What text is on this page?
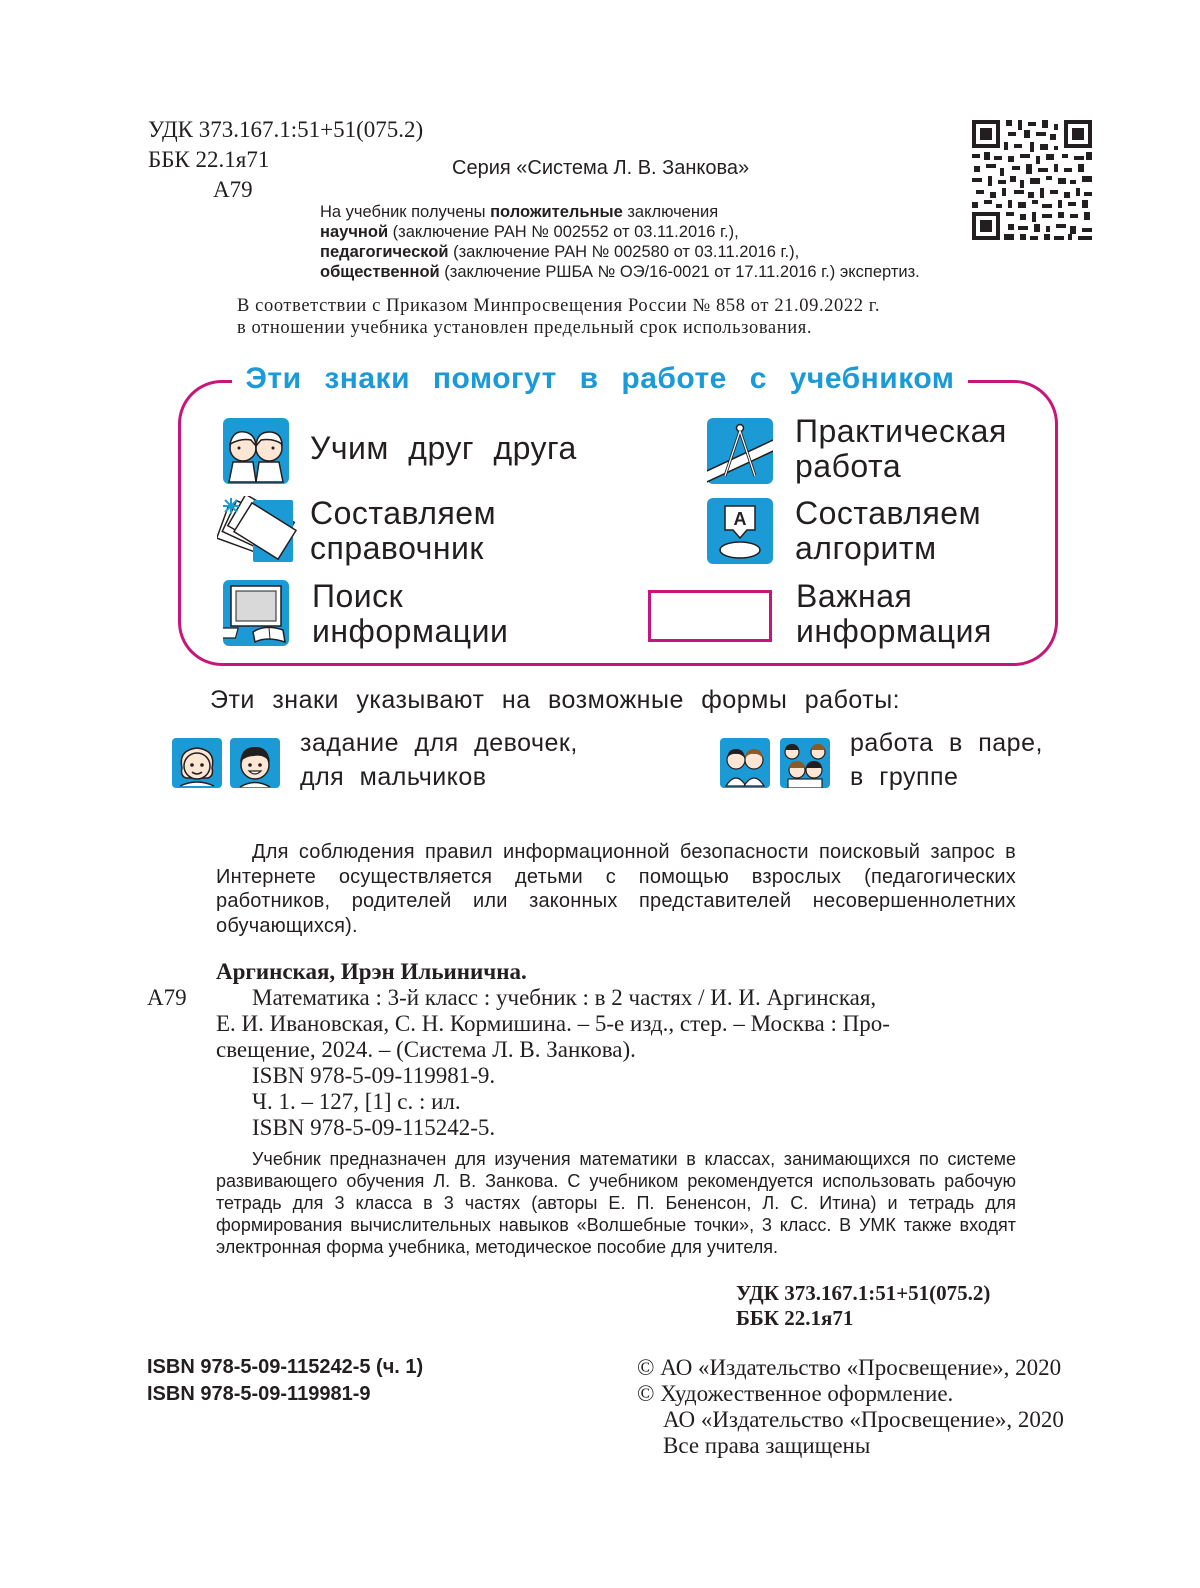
УДК 373.167.1:51+51(075.2)
ББК 22.1я71
А79
Серия «Система Л. В. Занкова»
На учебник получены положительные заключения
научной (заключение РАН № 002552 от 03.11.2016 г.),
педагогической (заключение РАН № 002580 от 03.11.2016 г.),
общественной (заключение РШБА № ОЭ/16-0021 от 17.11.2016 г.) экспертиз.
В соответствии с Приказом Минпросвещения России № 858 от 21.09.2022 г.
в отношении учебника установлен предельный срок использования.
Эти знаки помогут в работе с учебником
Учим друг друга	Практическая
работа
Составляем
справочник
А Составляем
алгоритм
Поиск
информации
Важная
информация
Эти знаки указывают на возможные формы работы:
задание для девочек,
для мальчиков
работа в паре,
в группе
Для соблюдения правил информационной безопасности поисковый запрос в Интернете осуществляется детьми с помощью взрослых (педагогических работников, родителей или законных представителей несовершеннолетних обучающихся).
Аргинская, Ирэн Ильинична.
А79	Математика : 3-й класс : учебник : в 2 частях / И. И. Аргинская,
Е. И. Ивановская, С. Н. Кормишина. – 5-е изд., стер. – Москва : Про-
свещение, 2024. – (Система Л. В. Занкова).
ISBN 978-5-09-119981-9.
Ч. 1. – 127, [1] с. : ил.
ISBN 978-5-09-115242-5.
Учебник предназначен для изучения математики в классах, занимающихся по системе развивающего обучения Л. В. Занкова. С учебником рекомендуется использовать рабочую тетрадь для 3 класса в 3 частях (авторы Е. П. Бененсон, Л. С. Итина) и тетрадь для формирования вычислительных навыков «Волшебные точки», 3 класс. В УМК также входят электронная форма учебника, методическое пособие для учителя.
УДК 373.167.1:51+51(075.2)
ББК 22.1я71
ISBN 978-5-09-115242-5 (ч. 1)
ISBN 978-5-09-119981-9
© АО «Издательство «Просвещение», 2020
© Художественное оформление.
АО «Издательство «Просвещение», 2020
Все права защищены
